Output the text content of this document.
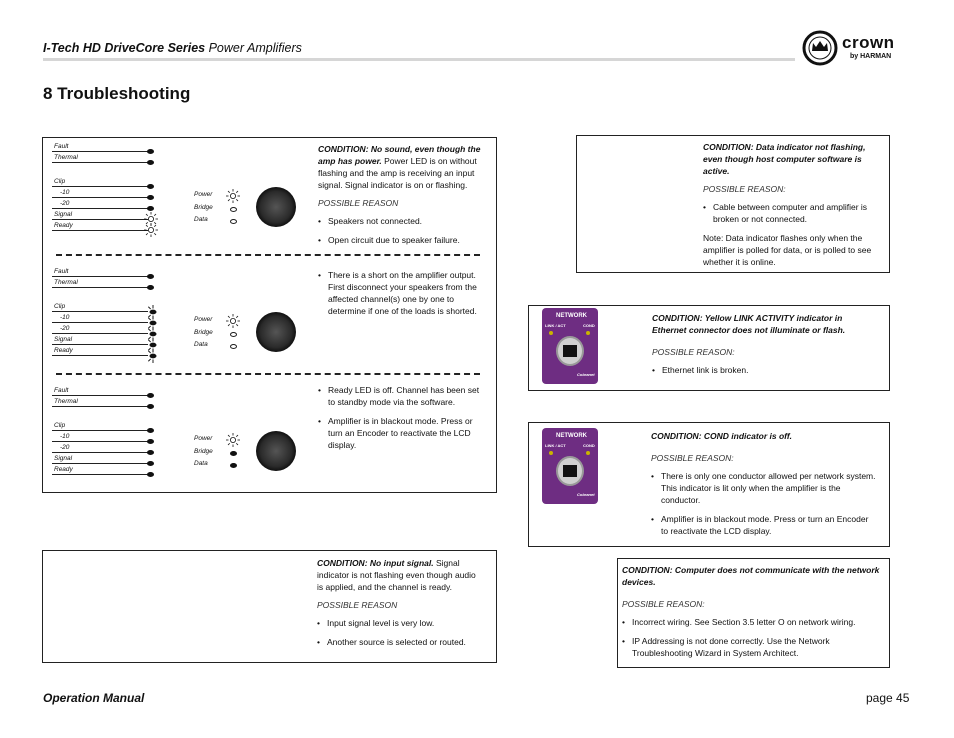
I-Tech HD DriveCore Series Power Amplifiers	crown
by HARMAN
8 Troubleshooting
Fault
Thermal
Clip
-10
-20
Signal
Ready
Power
Bridge
Data
Fault
Thermal
Clip
-10
-20
Signal
Ready
Power
Bridge
Data
Fault
Thermal
Clip
-10
-20
Signal
Ready
Power
Bridge
Data
CONDITION: No sound, even though the amp has power. Power LED is on without flashing and the amp is receiving an input signal. Signal indicator is on or flashing.
POSSIBLE REASON
• Speakers not connected.
• Open circuit due to speaker failure.
• There is a short on the amplifier output. First disconnect your speakers from the affected channel(s) one by one to determine if one of the loads is shorted.
• Ready LED is off. Channel has been set to standby mode via the software.
• Amplifier is in blackout mode. Press or turn an Encoder to reactivate the LCD display.
CONDITION: No input signal. Signal indicator is not flashing even though audio is applied, and the channel is ready.
POSSIBLE REASON
• Input signal level is very low.
• Another source is selected or routed.
CONDITION: Data indicator not flashing, even though host computer software is active.
POSSIBLE REASON:
• Cable between computer and amplifier is broken or not connected.

Note: Data indicator flashes only when the amplifier is polled for data, or is polled to see whether it is online.

CONDITION: Yellow LINK ACTIVITY indicator in Ethernet connector does not illuminate or flash.
POSSIBLE REASON:
• Ethernet link is broken.
CONDITION: COND indicator is off.
POSSIBLE REASON:
• There is only one conductor allowed per network system. This indicator is lit only when the amplifier is the conductor.
• Amplifier is in blackout mode. Press or turn an Encoder to reactivate the LCD display.
CONDITION: Computer does not communicate with the network devices.
POSSIBLE REASON:
• Incorrect wiring. See Section 3.5 letter O on network wiring.
• IP Addressing is not done correctly. Use the Network Troubleshooting Wizard in System Architect.
NETWORK
LINK / ACT	COND
Cobranet
NETWORK
LINK / ACT	COND
Cobranet
Operation Manual	page 45
